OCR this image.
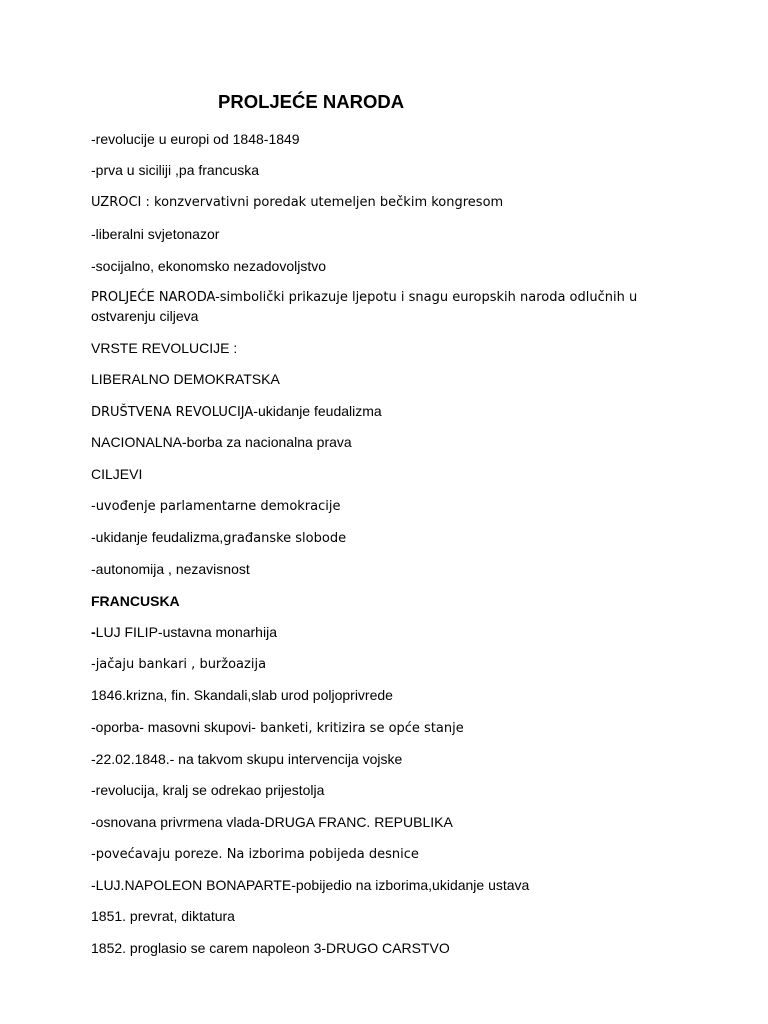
PROLJEĆE NARODA
-revolucije u europi od 1848-1849
-prva u siciliji ,pa francuska
UZROCI : konzvervativni poredak utemeljen bečkim kongresom
-liberalni svjetonazor
-socijalno, ekonomsko nezadovoljstvo
PROLJEĆE NARODA-simbolički prikazuje ljepotu i snagu europskih naroda odlučnih u
ostvarenju ciljeva
VRSTE REVOLUCIJE :
LIBERALNO DEMOKRATSKA
DRUŠTVENA REVOLUCIJA-ukidanje feudalizma
NACIONALNA-borba za nacionalna prava
CILJEVI
-uvođenje parlamentarne demokracije
-ukidanje feudalizma,građanske slobode
-autonomija , nezavisnost
FRANCUSKA
-LUJ FILIP-ustavna monarhija
-jačaju bankari , buržoazija
1846.krizna, fin. Skandali,slab urod poljoprivrede
-oporba- masovni skupovi- banketi, kritizira se opće stanje
-22.02.1848.- na takvom skupu intervencija vojske
-revolucija, kralj se odrekao prijestolja
-osnovana privrmena vlada-DRUGA FRANC. REPUBLIKA
-povećavaju poreze. Na izborima pobijeda desnice
-LUJ.NAPOLEON BONAPARTE-pobijedio na izborima,ukidanje ustava
1851. prevrat, diktatura
1852. proglasio se carem napoleon 3-DRUGO CARSTVO
